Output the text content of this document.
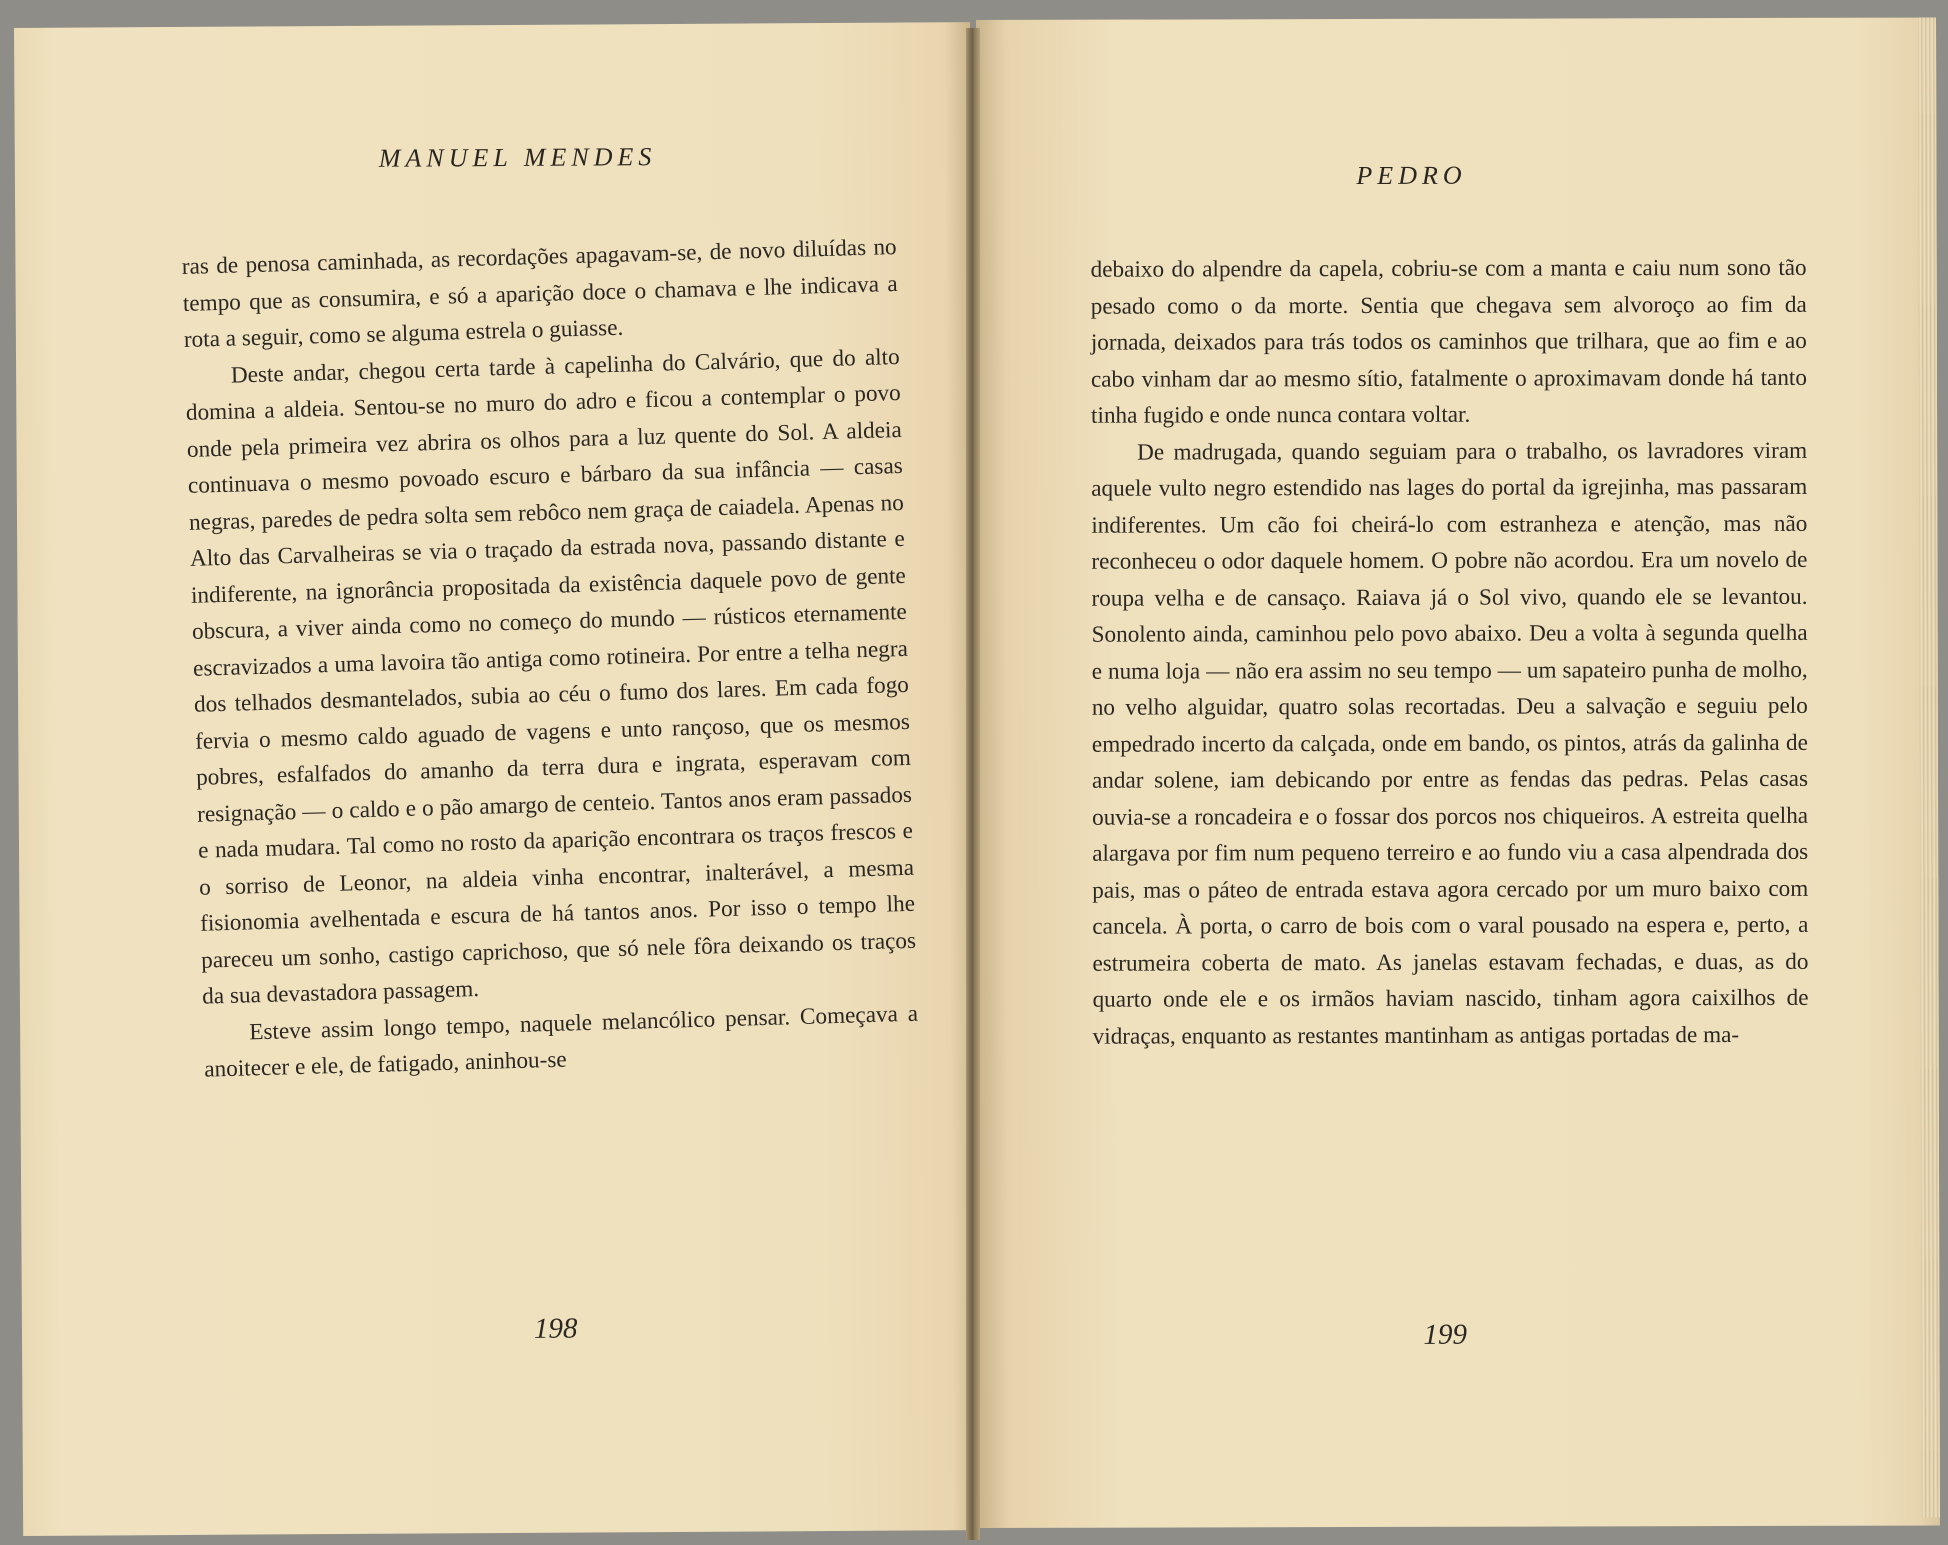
MANUEL MENDES

ras de penosa caminhada, as recordações apagavam-se, de novo diluídas no tempo que as consumira, e só a aparição doce o chamava e lhe indicava a rota a seguir, como se alguma estrela o guiasse.

Deste andar, chegou certa tarde à capelinha do Calvário, que do alto domina a aldeia. Sentou-se no muro do adro e ficou a contemplar o povo onde pela primeira vez abrira os olhos para a luz quente do Sol. A aldeia continuava o mesmo povoado escuro e bárbaro da sua infância — casas negras, paredes de pedra solta sem rebôco nem graça de caiadela. Apenas no Alto das Carvalheiras se via o traçado da estrada nova, passando distante e indiferente, na ignorância propositada da existência daquele povo de gente obscura, a viver ainda como no começo do mundo — rústicos eternamente escravizados a uma lavoira tão antiga como rotineira. Por entre a telha negra dos telhados desmantelados, subia ao céu o fumo dos lares. Em cada fogo fervia o mesmo caldo aguado de vagens e unto rançoso, que os mesmos pobres, esfalfados do amanho da terra dura e ingrata, esperavam com resignação — o caldo e o pão amargo de centeio. Tantos anos eram passados e nada mudara. Tal como no rosto da aparição encontrara os traços frescos e o sorriso de Leonor, na aldeia vinha encontrar, inalterável, a mesma fisionomia avelhentada e escura de há tantos anos. Por isso o tempo lhe pareceu um sonho, castigo caprichoso, que só nele fôra deixando os traços da sua devastadora passagem.

Esteve assim longo tempo, naquele melancólico pensar. Começava a anoitecer e ele, de fatigado, aninhou-se

198
PEDRO

debaixo do alpendre da capela, cobriu-se com a manta e caiu num sono tão pesado como o da morte. Sentia que chegava sem alvoroço ao fim da jornada, deixados para trás todos os caminhos que trilhara, que ao fim e ao cabo vinham dar ao mesmo sítio, fatalmente o aproximavam donde há tanto tinha fugido e onde nunca contara voltar.

De madrugada, quando seguiam para o trabalho, os lavradores viram aquele vulto negro estendido nas lages do portal da igrejinha, mas passaram indiferentes. Um cão foi cheirá-lo com estranheza e atenção, mas não reconheceu o odor daquele homem. O pobre não acordou. Era um novelo de roupa velha e de cansaço. Raiava já o Sol vivo, quando ele se levantou. Sonolento ainda, caminhou pelo povo abaixo. Deu a volta à segunda quelha e numa loja — não era assim no seu tempo — um sapateiro punha de molho, no velho alguidar, quatro solas recortadas. Deu a salvação e seguiu pelo empedrado incerto da calçada, onde em bando, os pintos, atrás da galinha de andar solene, iam debicando por entre as fendas das pedras. Pelas casas ouvia-se a roncadeira e o fossar dos porcos nos chiqueiros. A estreita quelha alargava por fim num pequeno terreiro e ao fundo viu a casa alpendrada dos pais, mas o páteo de entrada estava agora cercado por um muro baixo com cancela. À porta, o carro de bois com o varal pousado na espera e, perto, a estrumeira coberta de mato. As janelas estavam fechadas, e duas, as do quarto onde ele e os irmãos haviam nascido, tinham agora caixilhos de vidraças, enquanto as restantes mantinham as antigas portadas de ma-

199
